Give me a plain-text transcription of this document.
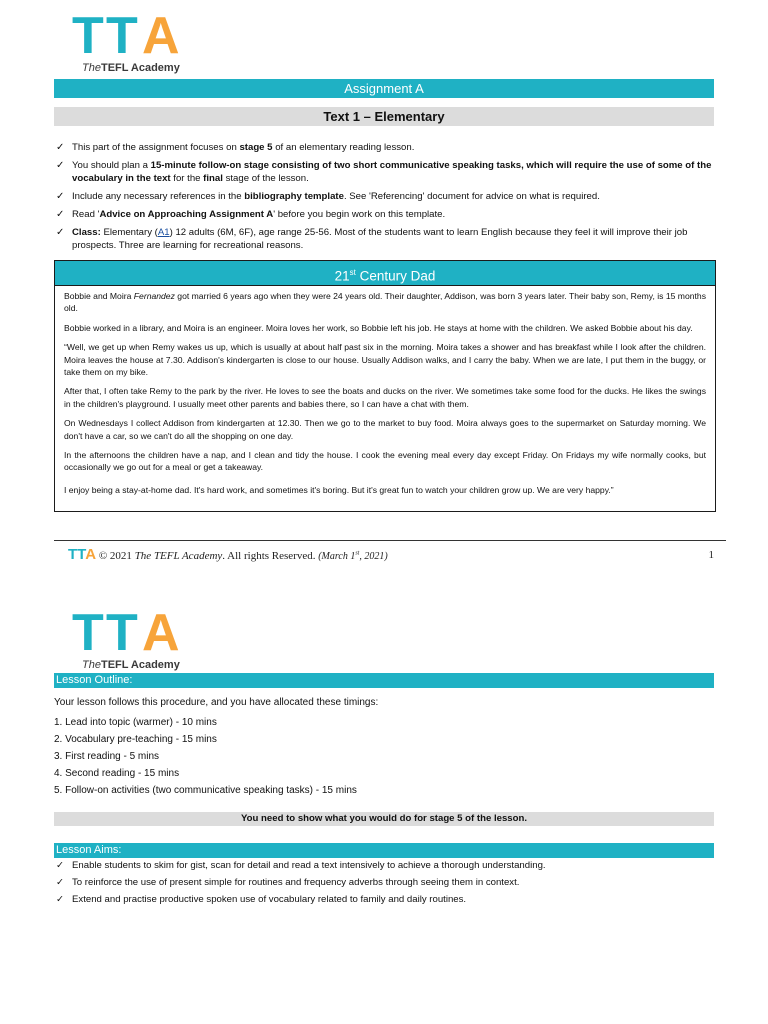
T T A
TheTEFL Academy
Assignment A
Text 1 – Elementary
✓ This part of the assignment focuses on stage 5 of an elementary reading lesson.
✓ You should plan a 15-minute follow-on stage consisting of two short communicative speaking tasks, which will require the use of some of the vocabulary in the text for the final stage of the lesson.
✓ Include any necessary references in the bibliography template. See 'Referencing' document for advice on what is required.
✓ Read 'Advice on Approaching Assignment A' before you begin work on this template.
✓ Class: Elementary (A1) 12 adults (6M, 6F), age range 25-56. Most of the students want to learn English because they feel it will improve their job prospects. Three are learning for recreational reasons.
21st Century Dad

Bobbie and Moira Fernandez got married 6 years ago when they were 24 years old. Their daughter, Addison, was born 3 years later. Their baby son, Remy, is 15 months old.

Bobbie worked in a library, and Moira is an engineer. Moira loves her work, so Bobbie left his job. He stays at home with the children. We asked Bobbie about his day.

“Well, we get up when Remy wakes us up, which is usually at about half past six in the morning. Moira takes a shower and has breakfast while I look after the children. Moira leaves the house at 7.30. Addison's kindergarten is close to our house. Usually Addison walks, and I carry the baby. When we are late, I put them in the buggy, or take them on my bike.

After that, I often take Remy to the park by the river. He loves to see the boats and ducks on the river. We sometimes take some food for the ducks. He likes the swings in the children's playground. I usually meet other parents and babies there, so I can have a chat with them.

On Wednesdays I collect Addison from kindergarten at 12.30. Then we go to the market to buy food. Moira always goes to the supermarket on Saturday morning. We don't have a car, so we can't do all the shopping on one day.

In the afternoons the children have a nap, and I clean and tidy the house. I cook the evening meal every day except Friday. On Fridays my wife normally cooks, but occasionally we go out for a meal or get a takeaway.

I enjoy being a stay-at-home dad. It's hard work, and sometimes it's boring. But it's great fun to watch your children grow up. We are very happy.”

TTA © 2021 The TEFL Academy. All rights Reserved. (March 1st, 2021)	1
T T A
TheTEFL Academy
Lesson Outline:
Your lesson follows this procedure, and you have allocated these timings:
1. Lead into topic (warmer) - 10 mins
2. Vocabulary pre-teaching - 15 mins
3. First reading - 5 mins
4. Second reading - 15 mins
5. Follow-on activities (two communicative speaking tasks) - 15 mins
You need to show what you would do for stage 5 of the lesson.
Lesson Aims:
✓ Enable students to skim for gist, scan for detail and read a text intensively to achieve a thorough understanding.
✓ To reinforce the use of present simple for routines and frequency adverbs through seeing them in context.
✓ Extend and practise productive spoken use of vocabulary related to family and daily routines.
